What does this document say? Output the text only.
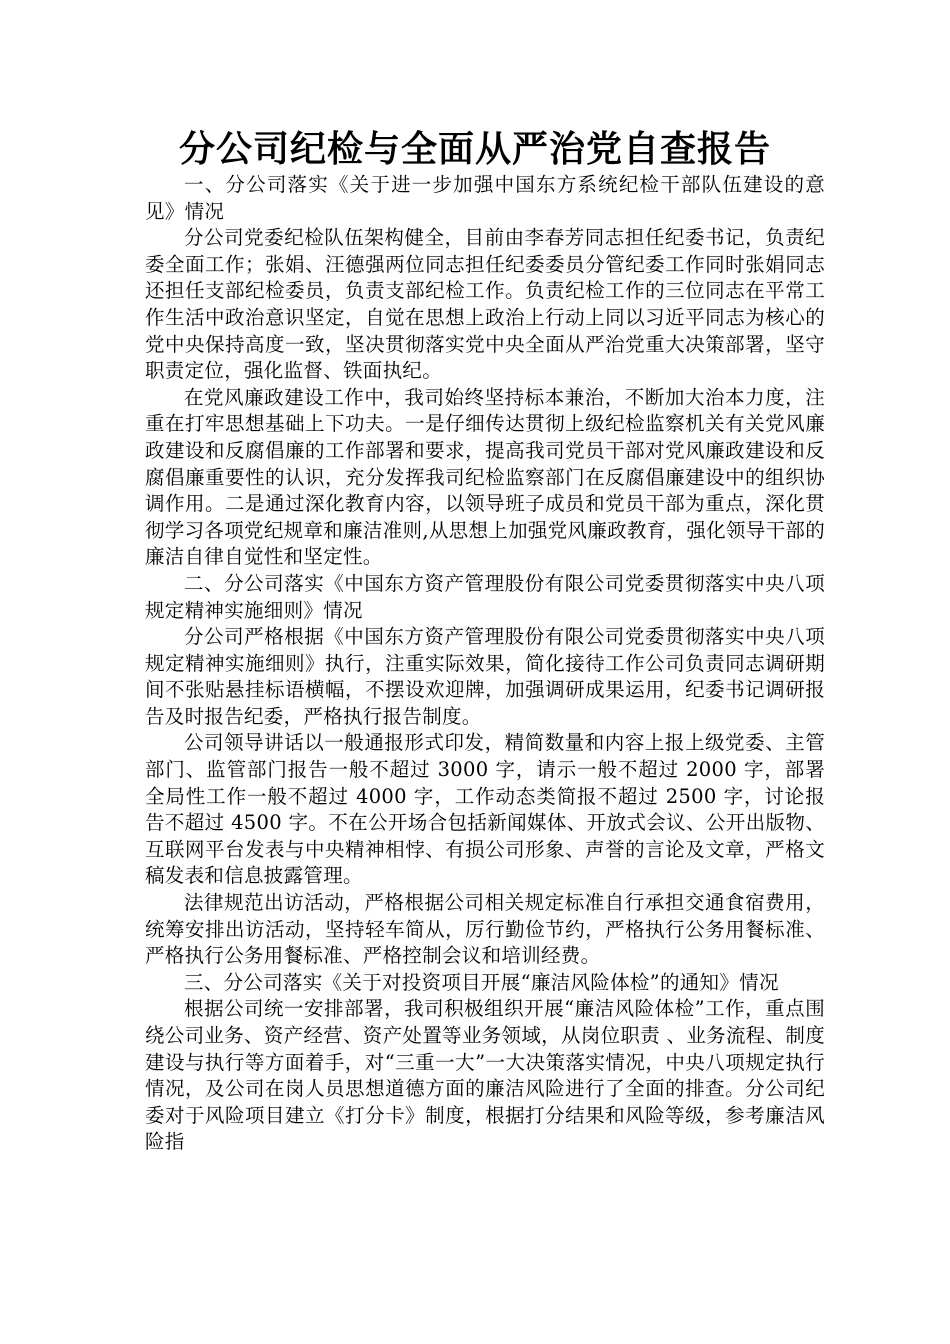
分公司纪检与全面从严治党自查报告

一、分公司落实《关于进一步加强中国东方系统纪检干部队伍建设的意见》情况

分公司党委纪检队伍架构健全，目前由李春芳同志担任纪委书记，负责纪委全面工作；张娟、汪德强两位同志担任纪委委员分管纪委工作同时张娟同志还担任支部纪检委员，负责支部纪检工作。负责纪检工作的三位同志在平常工作生活中政治意识坚定，自觉在思想上政治上行动上同以习近平同志为核心的党中央保持高度一致，坚决贯彻落实党中央全面从严治党重大决策部署，坚守职责定位，强化监督、铁面执纪。

在党风廉政建设工作中，我司始终坚持标本兼治，不断加大治本力度，注重在打牢思想基础上下功夫。一是仔细传达贯彻上级纪检监察机关有关党风廉政建设和反腐倡廉的工作部署和要求，提高我司党员干部对党风廉政建设和反腐倡廉重要性的认识，充分发挥我司纪检监察部门在反腐倡廉建设中的组织协调作用。二是通过深化教育内容，以领导班子成员和党员干部为重点，深化贯彻学习各项党纪规章和廉洁准则,从思想上加强党风廉政教育，强化领导干部的廉洁自律自觉性和坚定性。

二、分公司落实《中国东方资产管理股份有限公司党委贯彻落实中央八项规定精神实施细则》情况

分公司严格根据《中国东方资产管理股份有限公司党委贯彻落实中央八项规定精神实施细则》执行，注重实际效果，简化接待工作公司负责同志调研期间不张贴悬挂标语横幅，不摆设欢迎牌，加强调研成果运用，纪委书记调研报告及时报告纪委，严格执行报告制度。

公司领导讲话以一般通报形式印发，精简数量和内容上报上级党委、主管部门、监管部门报告一般不超过 3000 字，请示一般不超过 2000 字，部署全局性工作一般不超过 4000 字，工作动态类简报不超过 2500 字，讨论报告不超过 4500 字。不在公开场合包括新闻媒体、开放式会议、公开出版物、互联网平台发表与中央精神相悖、有损公司形象、声誉的言论及文章，严格文稿发表和信息披露管理。

法律规范出访活动，严格根据公司相关规定标准自行承担交通食宿费用，统筹安排出访活动，坚持轻车简从，厉行勤俭节约，严格执行公务用餐标准、严格执行公务用餐标准、严格控制会议和培训经费。

三、分公司落实《关于对投资项目开展“廉洁风险体检”的通知》情况

根据公司统一安排部署，我司积极组织开展“廉洁风险体检”工作，重点围绕公司业务、资产经营、资产处置等业务领域，从岗位职责 、业务流程、制度建设与执行等方面着手，对“三重一大”一大决策落实情况，中央八项规定执行情况，及公司在岗人员思想道德方面的廉洁风险进行了全面的排查。分公司纪委对于风险项目建立《打分卡》制度，根据打分结果和风险等级，参考廉洁风险指
